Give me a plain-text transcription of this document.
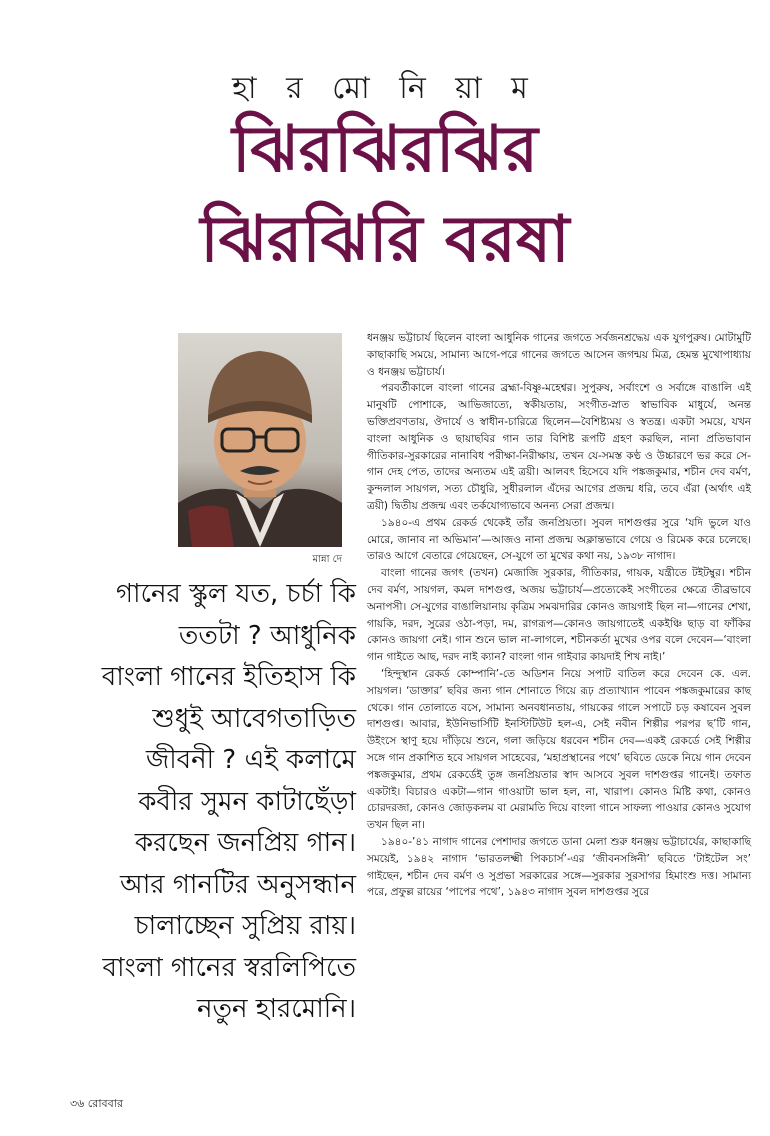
হা র মো নি য়া ম
ঝিরঝিরঝির
ঝিরঝিরি বরষা
মান্না দে
গানের স্কুল যত, চর্চা কি
ততটা ? আধুনিক
বাংলা গানের ইতিহাস কি
শুধুই আবেগতাড়িত
জীবনী ? এই কলামে
কবীর সুমন কাটাছেঁড়া
করছেন জনপ্রিয় গান।
আর গানটির অনুসন্ধান
চালাচ্ছেন সুপ্রিয় রায়।
বাংলা গানের স্বরলিপিতে
নতুন হারমোনি।

ধনঞ্জয় ভট্টাচার্য ছিলেন বাংলা আধুনিক গানের জগতে সর্বজনশ্রদ্ধেয় এক যুগপুরুষ। মোটামুটি কাছাকাছি সময়ে, সামান্য আগে-পরে গানের জগতে আসেন জগন্ময় মিত্র, হেমন্ত মুখোপাধ্যায় ও ধনঞ্জয় ভট্টাচার্য।

পরবর্তীকালে বাংলা গানের ব্রহ্মা-বিষ্ণু-মহেশ্বর। সুপুরুষ, সর্বাংশে ও সর্বাঙ্গে বাঙালি এই মানুষটি পোশাকে, আভিজাত্যে, স্বকীয়তায়, সংগীত-স্নাত স্বাভাবিক মাধুর্যে, অনন্ত ভক্তিপ্রবণতায়, ঔদার্যে ও স্বাধীন-চারিত্রে ছিলেন—বৈশিষ্ট্যময় ও স্বতন্ত্র। একটা সময়ে, যখন বাংলা আধুনিক ও ছায়াছবির গান তার বিশিষ্ট রূপটি গ্রহণ করছিল, নানা প্রতিভাবান গীতিকার-সুরকারের নানাবিধ পরীক্ষা-নিরীক্ষায়, তখন যে-সমস্ত কণ্ঠ ও উচ্চারণে ভর করে সে-গান দেহ পেত, তাদের অন্যতম এই ত্রয়ী। আলবৎ হিসেবে যদি পঙ্কজকুমার, শচীন দেব বর্মণ, কুন্দলাল সায়গল, সত্য চৌধুরি, সুধীরলাল এঁদের আগের প্রজন্ম ধরি, তবে এঁরা (অর্থাৎ এই ত্রয়ী) দ্বিতীয় প্রজন্ম এবং তর্কযোগ্যভাবে অনন্য সেরা প্রজন্ম।

১৯৪০-এ প্রথম রেকর্ড থেকেই তাঁর জনপ্রিয়তা। সুবল দাশগুপ্তর সুরে ‘যদি ভুলে যাও মোরে, জানাব না অভিমান’—আজও নানা প্রজন্ম অক্লান্তভাবে গেয়ে ও রিমেক করে চলেছে। তারও আগে বেতারে গেয়েছেন, সে-যুগে তা মুখের কথা নয়, ১৯৩৮ নাগাদ।

বাংলা গানের জগৎ (তখন) মেজাজি সুরকার, গীতিকার, গায়ক, যন্ত্রীতে টইটম্বুর। শচীন দেব বর্মণ, সায়গল, কমল দাশগুপ্ত, অজয় ভট্টাচার্য—প্রত্যেকেই সংগীতের ক্ষেত্রে তীব্রভাবে অনাপসী। সে-যুগের বাঙালিয়ানায় কৃত্রিম সমঝদারির কোনও জায়গাই ছিল না—গানের শেখা, গায়কি, দরদ, সুরের ওঠা-পড়া, দম, রাগরূপ—কোনও জায়গাতেই একইঞ্চি ছাড় বা ফাঁকির কোনও জায়গা নেই। গান শুনে ভাল না-লাগলে, শচীনকর্তা মুখের ওপর বলে দেবেন—‘বাংলা গান গাইতে আছ, দরদ নাই ক্যান? বাংলা গান গাইবার কায়দাই শিখ নাই।’

‘হিন্দুস্থান রেকর্ড কোম্পানি’-তে অডিশন নিয়ে সপাট বাতিল করে দেবেন কে. এল. সায়গল। ‘ডাক্তার’ ছবির জন্য গান শোনাতে গিয়ে রূঢ় প্রত্যাখ্যান পাবেন পঙ্কজকুমারের কাছ থেকে। গান তোলাতে বসে, সামান্য অনবধানতায়, গায়কের গালে সপাটে চড় কষাবেন সুবল দাশগুপ্ত। আবার, ইউনিভার্সিটি ইনস্টিটিউট হল-এ, সেই নবীন শিল্পীর পরপর ছ’টি গান, উইংসে স্থাণু হয়ে দাঁড়িয়ে শুনে, গলা জড়িয়ে ধরবেন শচীন দেব—একই রেকর্ডে সেই শিল্পীর সঙ্গে গান প্রকাশিত হবে সায়গল সাহেবের, ‘মহাপ্রস্থানের পথে’ ছবিতে ডেকে নিয়ে গান দেবেন পঙ্কজকুমার, প্রথম রেকর্ডেই তুঙ্গ জনপ্রিয়তার স্বাদ আসবে সুবল দাশগুপ্তর গানেই। তফাত একটাই। বিচারও একটা—গান গাওয়াটা ভাল হল, না, খারাপ। কোনও মিষ্টি কথা, কোনও চোরদরজা, কোনও জোড়কলম বা মেরামতি দিয়ে বাংলা গানে সাফল্য পাওয়ার কোনও সুযোগ তখন ছিল না।

১৯৪০-’৪১ নাগাদ গানের পেশাদার জগতে ডানা মেলা শুরু ধনঞ্জয় ভট্টাচার্যের, কাছাকাছি সময়েই, ১৯৪২ নাগাদ ‘ভারতলক্ষ্মী পিকচার্স’-এর ‘জীবনসঙ্গিনী’ ছবিতে ‘টাইটেল সং’ গাইছেন, শচীন দেব বর্মণ ও সুপ্রভা সরকারের সঙ্গে—সুরকার সুরসাগর হিমাংশু দত্ত। সামান্য পরে, প্রফুল্ল রায়ের ‘পাপের পথে’, ১৯৪৩ নাগাদ সুবল দাশগুপ্তর সুরে

৩৬ রোববার
